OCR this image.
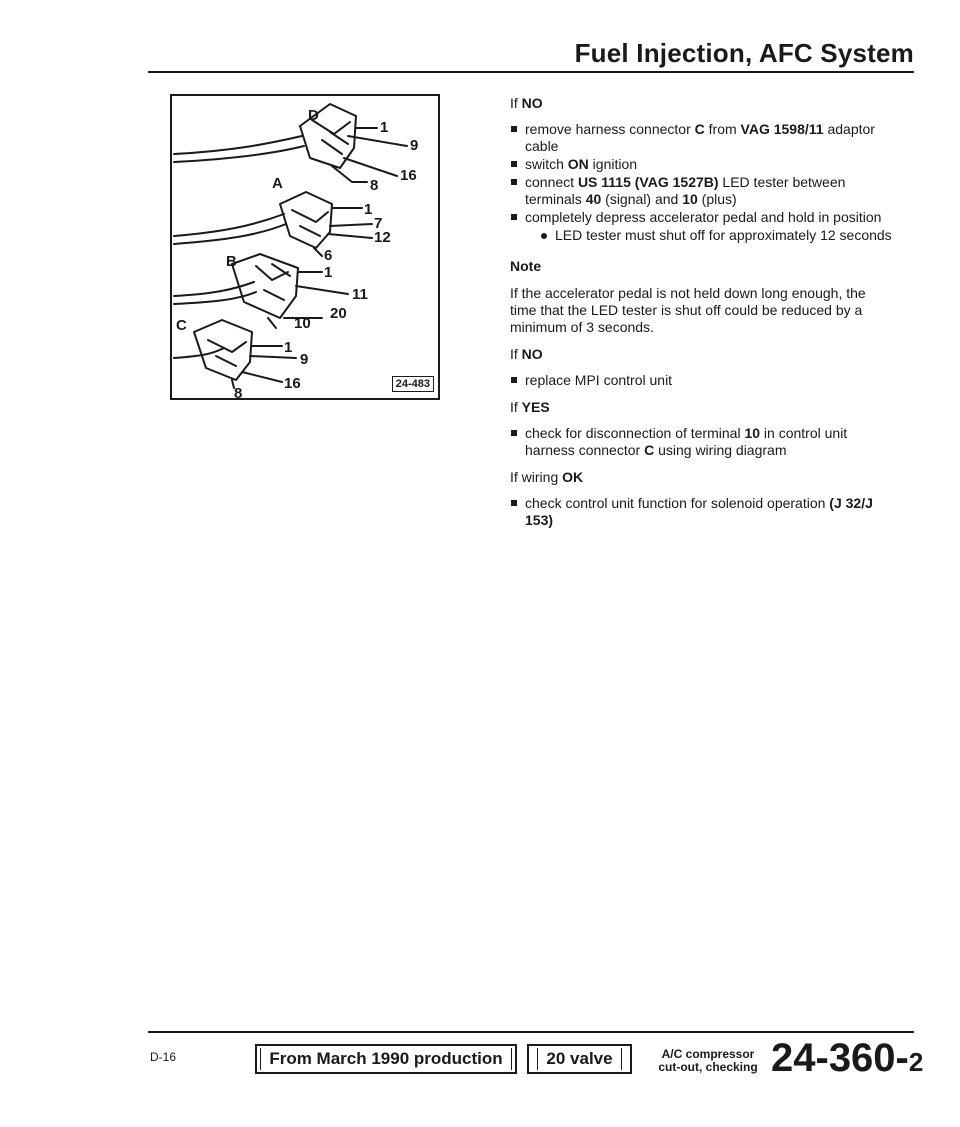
Fuel Injection, AFC System
D
A
B
C
1
9
16
8
1
7
12
6
1
11
20
10
1
9
16
8
24-483

If NO

remove harness connector C from VAG 1598/11 adaptor cable
switch ON ignition
connect US 1115 (VAG 1527B) LED tester between terminals 40 (signal) and 10 (plus)
completely depress accelerator pedal and hold in position
LED tester must shut off for approximately 12 seconds

Note

If the accelerator pedal is not held down long enough, the time that the LED tester is shut off could be reduced by a minimum of 3 seconds.

If NO

replace MPI control unit

If YES

check for disconnection of terminal 10 in control unit harness connector C using wiring diagram

If wiring OK

check control unit function for solenoid operation (J 32/J 153)
D-16	From March 1990 production	20 valve	A/C compressor
cut-out, checking 24-360-2
